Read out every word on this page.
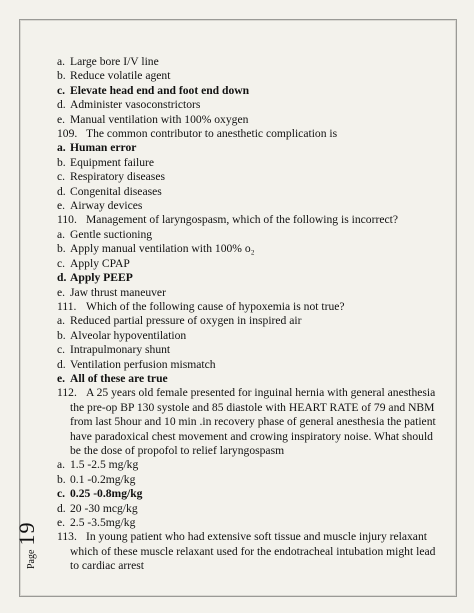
a. Large bore I/V line
b. Reduce volatile agent
c. Elevate head end and foot end down
d. Administer vasoconstrictors
e. Manual ventilation with 100% oxygen
109. The common contributor to anesthetic complication is
a. Human error
b. Equipment failure
c. Respiratory diseases
d. Congenital diseases
e. Airway devices
110. Management of laryngospasm, which of the following is incorrect?
a. Gentle suctioning
b. Apply manual ventilation with 100% o₂
c. Apply CPAP
d. Apply PEEP
e. Jaw thrust maneuver
111. Which of the following cause of hypoxemia is not true?
a. Reduced partial pressure of oxygen in inspired air
b. Alveolar hypoventilation
c. Intrapulmonary shunt
d. Ventilation perfusion mismatch
e. All of these are true
112. A 25 years old female presented for inguinal hernia with general anesthesia the pre-op BP 130 systole and 85 diastole with HEART RATE of 79 and NBM from last 5hour and 10 min .in recovery phase of general anesthesia the patient have paradoxical chest movement and crowing inspiratory noise. What should be the dose of propofol to relief laryngospasm
a. 1.5 -2.5 mg/kg
b. 0.1 -0.2mg/kg
c. 0.25 -0.8mg/kg
d. 20 -30 mcg/kg
e. 2.5 -3.5mg/kg
113. In young patient who had extensive soft tissue and muscle injury relaxant which of these muscle relaxant used for the endotracheal intubation might lead to cardiac arrest
Page 19
